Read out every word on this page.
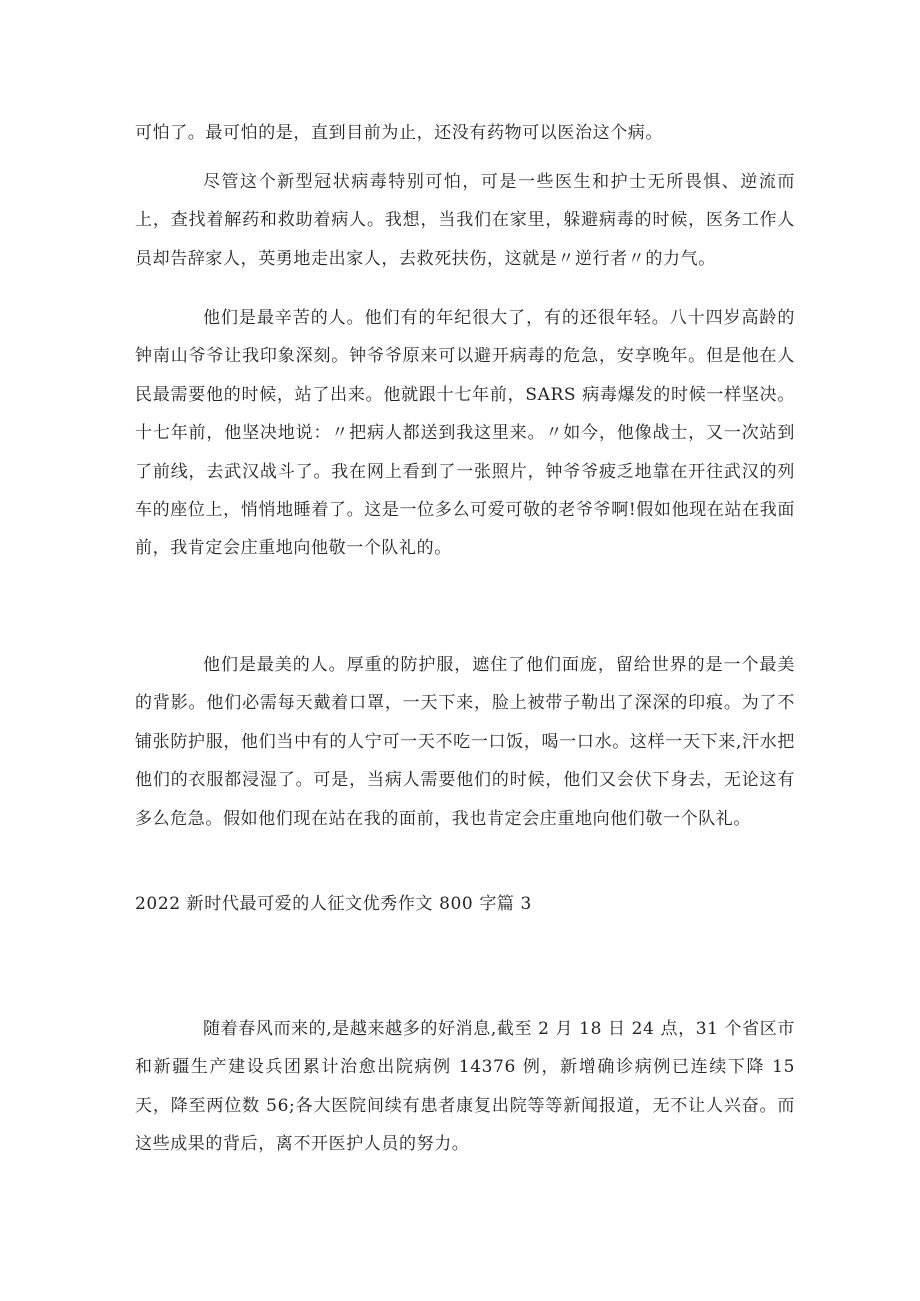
可怕了。最可怕的是，直到目前为止，还没有药物可以医治这个病。

尽管这个新型冠状病毒特别可怕，可是一些医生和护士无所畏惧、逆流而上，查找着解药和救助着病人。我想，当我们在家里，躲避病毒的时候，医务工作人员却告辞家人，英勇地走出家人，去救死扶伤，这就是〃逆行者〃的力气。

他们是最辛苦的人。他们有的年纪很大了，有的还很年轻。八十四岁高龄的钟南山爷爷让我印象深刻。钟爷爷原来可以避开病毒的危急，安享晚年。但是他在人民最需要他的时候，站了出来。他就跟十七年前，SARS 病毒爆发的时候一样坚决。十七年前，他坚决地说：〃把病人都送到我这里来。〃如今，他像战士，又一次站到了前线，去武汉战斗了。我在网上看到了一张照片，钟爷爷疲乏地靠在开往武汉的列车的座位上，悄悄地睡着了。这是一位多么可爱可敬的老爷爷啊!假如他现在站在我面前，我肯定会庄重地向他敬一个队礼的。

他们是最美的人。厚重的防护服，遮住了他们面庞，留给世界的是一个最美的背影。他们必需每天戴着口罩，一天下来，脸上被带子勒出了深深的印痕。为了不铺张防护服，他们当中有的人宁可一天不吃一口饭，喝一口水。这样一天下来,汗水把他们的衣服都浸湿了。可是，当病人需要他们的时候，他们又会伏下身去，无论这有多么危急。假如他们现在站在我的面前，我也肯定会庄重地向他们敬一个队礼。

2022 新时代最可爱的人征文优秀作文 800 字篇 3

随着春风而来的,是越来越多的好消息,截至 2 月 18 日 24 点，31 个省区市和新疆生产建设兵团累计治愈出院病例 14376 例，新增确诊病例已连续下降 15 天，降至两位数 56;各大医院间续有患者康复出院等等新闻报道，无不让人兴奋。而这些成果的背后，离不开医护人员的努力。
